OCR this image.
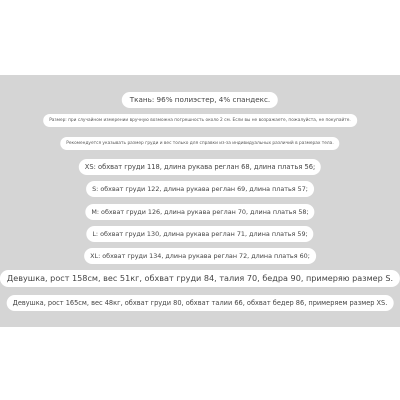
Ткань: 96% полиэстер, 4% спандекс.
Размер: при случайном измерении вручную возможна погрешность около 2 см. Если вы не возражаете, пожалуйста, не покупайте.
Рекомендуется указывать размер груди и вес только для справки из-за индивидуальных различий в размерах тела.
XS: обхват груди 118, длина рукава реглан 68, длина платья 56;
S: обхват груди 122, длина рукава реглан 69, длина платья 57;
M: обхват груди 126, длина рукава реглан 70, длина платья 58;
L: обхват груди 130, длина рукава реглан 71, длина платья 59;
XL: обхват груди 134, длина рукава реглан 72, длина платья 60;
Девушка, рост 158см, вес 51кг, обхват груди 84, талия 70, бедра 90, примеряю размер S.
Девушка, рост 165см, вес 48кг, обхват груди 80, обхват талии 66, обхват бедер 86, примеряем размер XS.
